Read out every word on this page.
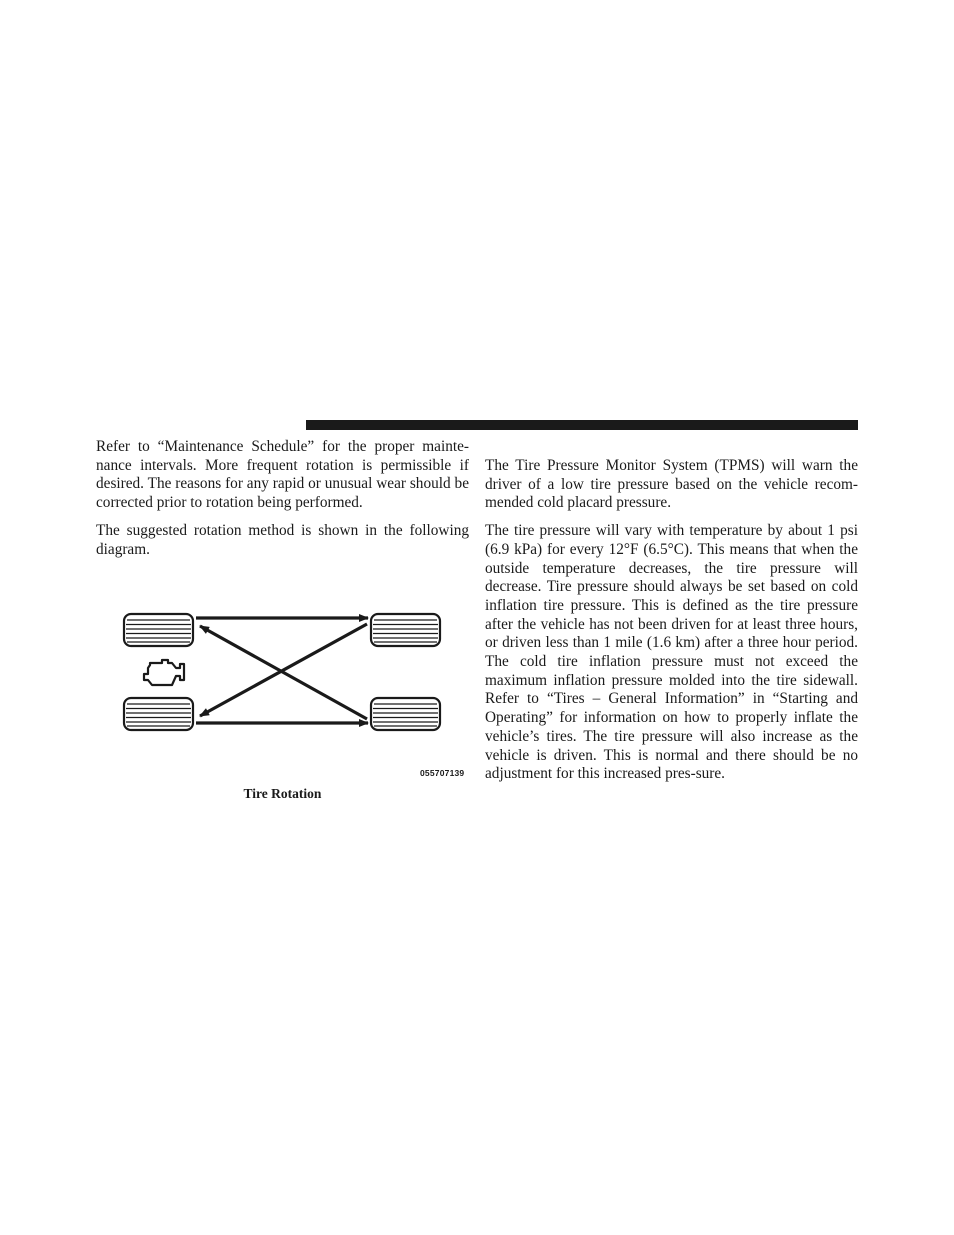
Refer to “Maintenance Schedule” for the proper mainte-nance intervals. More frequent rotation is permissible if desired. The reasons for any rapid or unusual wear should be corrected prior to rotation being performed.

The suggested rotation method is shown in the following diagram.

055707139
Tire Rotation

The Tire Pressure Monitor System (TPMS) will warn the driver of a low tire pressure based on the vehicle recom-mended cold placard pressure.

The tire pressure will vary with temperature by about 1 psi (6.9 kPa) for every 12°F (6.5°C). This means that when the outside temperature decreases, the tire pressure will decrease. Tire pressure should always be set based on cold inflation tire pressure. This is defined as the tire pressure after the vehicle has not been driven for at least three hours, or driven less than 1 mile (1.6 km) after a three hour period. The cold tire inflation pressure must not exceed the maximum inflation pressure molded into the tire sidewall. Refer to “Tires – General Information” in “Starting and Operating” for information on how to properly inflate the vehicle’s tires. The tire pressure will also increase as the vehicle is driven. This is normal and there should be no adjustment for this increased pres-sure.
